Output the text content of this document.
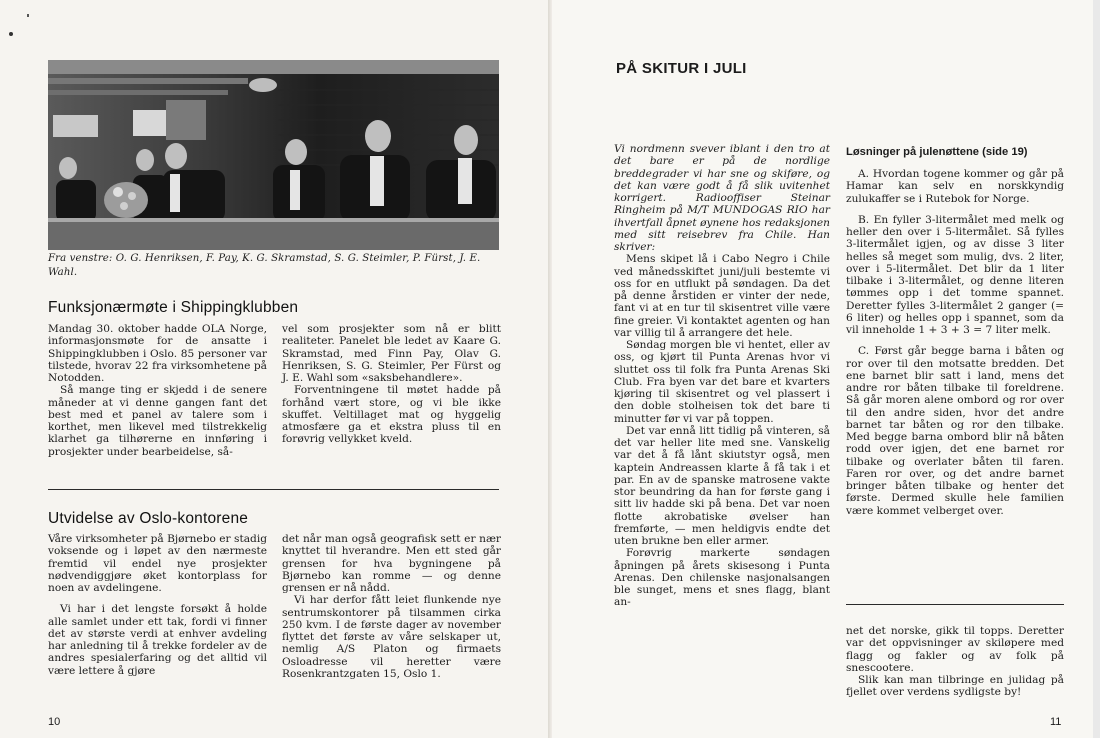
Fra venstre: O. G. Henriksen, F. Pay, K. G. Skramstad, S. G. Steimler, P. Fürst, J. E. Wahl.
Funksjonærmøte i Shippingklubben

Mandag 30. oktober hadde OLA Norge, informasjonsmøte for de ansatte i Shippingklubben i Oslo. 85 personer var tilstede, hvorav 22 fra virksomhetene på Notodden.

Så mange ting er skjedd i de senere måneder at vi denne gangen fant det best med et panel av talere som i korthet, men likevel med tilstrekkelig klarhet ga tilhørerne en innføring i prosjekter under bearbeidelse, så-

vel som prosjekter som nå er blitt realiteter. Panelet ble ledet av Kaare G. Skramstad, med Finn Pay, Olav G. Henriksen, S. G. Steimler, Per Fürst og J. E. Wahl som «saksbehandlere».

Forventningene til møtet hadde på forhånd vært store, og vi ble ikke skuffet. Veltillaget mat og hyggelig atmosfære ga et ekstra pluss til en forøvrig vellykket kveld.

Utvidelse av Oslo-kontorene

Våre virksomheter på Bjørnebo er stadig voksende og i løpet av den nærmeste fremtid vil endel nye prosjekter nødvendiggjøre øket kontorplass for noen av avdelingene.

Vi har i det lengste forsøkt å holde alle samlet under ett tak, fordi vi finner det av største verdi at enhver avdeling har anledning til å trekke fordeler av de andres spesialerfaring og det alltid vil være lettere å gjøre

det når man også geografisk sett er nær knyttet til hverandre. Men ett sted går grensen for hva bygningene på Bjørnebo kan romme — og denne grensen er nå nådd.

Vi har derfor fått leiet flunkende nye sentrumskontorer på tilsammen cirka 250 kvm. I de første dager av november flyttet det første av våre selskaper ut, nemlig A/S Platon og firmaets Osloadresse vil heretter være Rosenkrantzgaten 15, Oslo 1.

10
PÅ SKITUR I JULI

Vi nordmenn svever iblant i den tro at det bare er på de nordlige breddegrader vi har sne og skiføre, og det kan være godt å få slik uvitenhet korrigert. Radiooffiser Steinar Ringheim på M/T MUNDOGAS RIO har ihvertfall åpnet øynene hos redaksjonen med sitt reisebrev fra Chile. Han skriver:

Mens skipet lå i Cabo Negro i Chile ved månedsskiftet juni/juli bestemte vi oss for en utflukt på søndagen. Da det på denne årstiden er vinter der nede, fant vi at en tur til skisentret ville være fine greier. Vi kontaktet agenten og han var villig til å arrangere det hele.

Søndag morgen ble vi hentet, eller av oss, og kjørt til Punta Arenas hvor vi sluttet oss til folk fra Punta Arenas Ski Club. Fra byen var det bare et kvarters kjøring til skisentret og vel plassert i den doble stolheisen tok det bare ti minutter før vi var på toppen.

Det var ennå litt tidlig på vinteren, så det var heller lite med sne. Vanskelig var det å få lånt skiutstyr også, men kaptein Andreassen klarte å få tak i et par. En av de spanske matrosene vakte stor beundring da han for første gang i sitt liv hadde ski på bena. Det var noen flotte akrobatiske øvelser han fremførte, — men heldigvis endte det uten brukne ben eller armer.

Forøvrig markerte søndagen åpningen på årets skisesong i Punta Arenas. Den chilenske nasjonalsangen ble sunget, mens et snes flagg, blant an-

Løsninger på julenøttene (side 19)

A. Hvordan togene kommer og går på Hamar kan selv en norskkyndig zulukaffer se i Rutebok for Norge.

B. En fyller 3-litermålet med melk og heller den over i 5-litermålet. Så fylles 3-litermålet igjen, og av disse 3 liter helles så meget som mulig, dvs. 2 liter, over i 5-litermålet. Det blir da 1 liter tilbake i 3-litermålet, og denne literen tømmes opp i det tomme spannet. Deretter fylles 3-litermålet 2 ganger (= 6 liter) og helles opp i spannet, som da vil inneholde 1 + 3 + 3 = 7 liter melk.

C. Først går begge barna i båten og ror over til den motsatte bredden. Det ene barnet blir satt i land, mens det andre ror båten tilbake til foreldrene. Så går moren alene ombord og ror over til den andre siden, hvor det andre barnet tar båten og ror den tilbake. Med begge barna ombord blir nå båten rodd over igjen, det ene barnet ror tilbake og overlater båten til faren. Faren ror over, og det andre barnet bringer båten tilbake og henter det første. Dermed skulle hele familien være kommet velberget over.

net det norske, gikk til topps. Deretter var det oppvisninger av skiløpere med flagg og fakler og av folk på snescootere.

Slik kan man tilbringe en julidag på fjellet over verdens sydligste by!

11
